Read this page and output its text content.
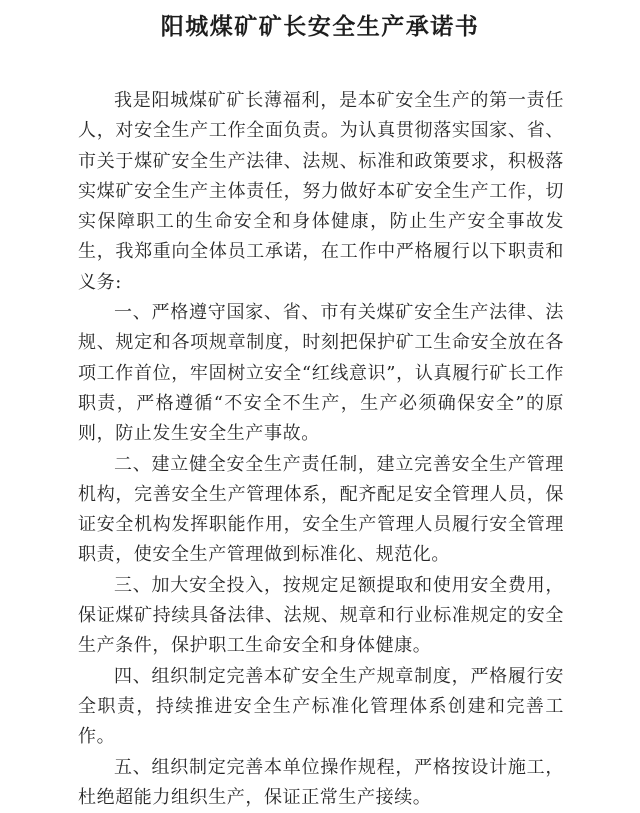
阳城煤矿矿长安全生产承诺书

我是阳城煤矿矿长薄福利，是本矿安全生产的第一责任人，对安全生产工作全面负责。为认真贯彻落实国家、省、市关于煤矿安全生产法律、法规、标准和政策要求，积极落实煤矿安全生产主体责任，努力做好本矿安全生产工作，切实保障职工的生命安全和身体健康，防止生产安全事故发生，我郑重向全体员工承诺，在工作中严格履行以下职责和义务:

一、严格遵守国家、省、市有关煤矿安全生产法律、法规、规定和各项规章制度，时刻把保护矿工生命安全放在各项工作首位，牢固树立安全“红线意识”，认真履行矿长工作职责，严格遵循“不安全不生产，生产必须确保安全”的原则，防止发生安全生产事故。

二、建立健全安全生产责任制，建立完善安全生产管理机构，完善安全生产管理体系，配齐配足安全管理人员，保证安全机构发挥职能作用，安全生产管理人员履行安全管理职责，使安全生产管理做到标准化、规范化。

三、加大安全投入，按规定足额提取和使用安全费用，保证煤矿持续具备法律、法规、规章和行业标准规定的安全生产条件，保护职工生命安全和身体健康。

四、组织制定完善本矿安全生产规章制度，严格履行安全职责，持续推进安全生产标准化管理体系创建和完善工作。

五、组织制定完善本单位操作规程，严格按设计施工，杜绝超能力组织生产，保证正常生产接续。
